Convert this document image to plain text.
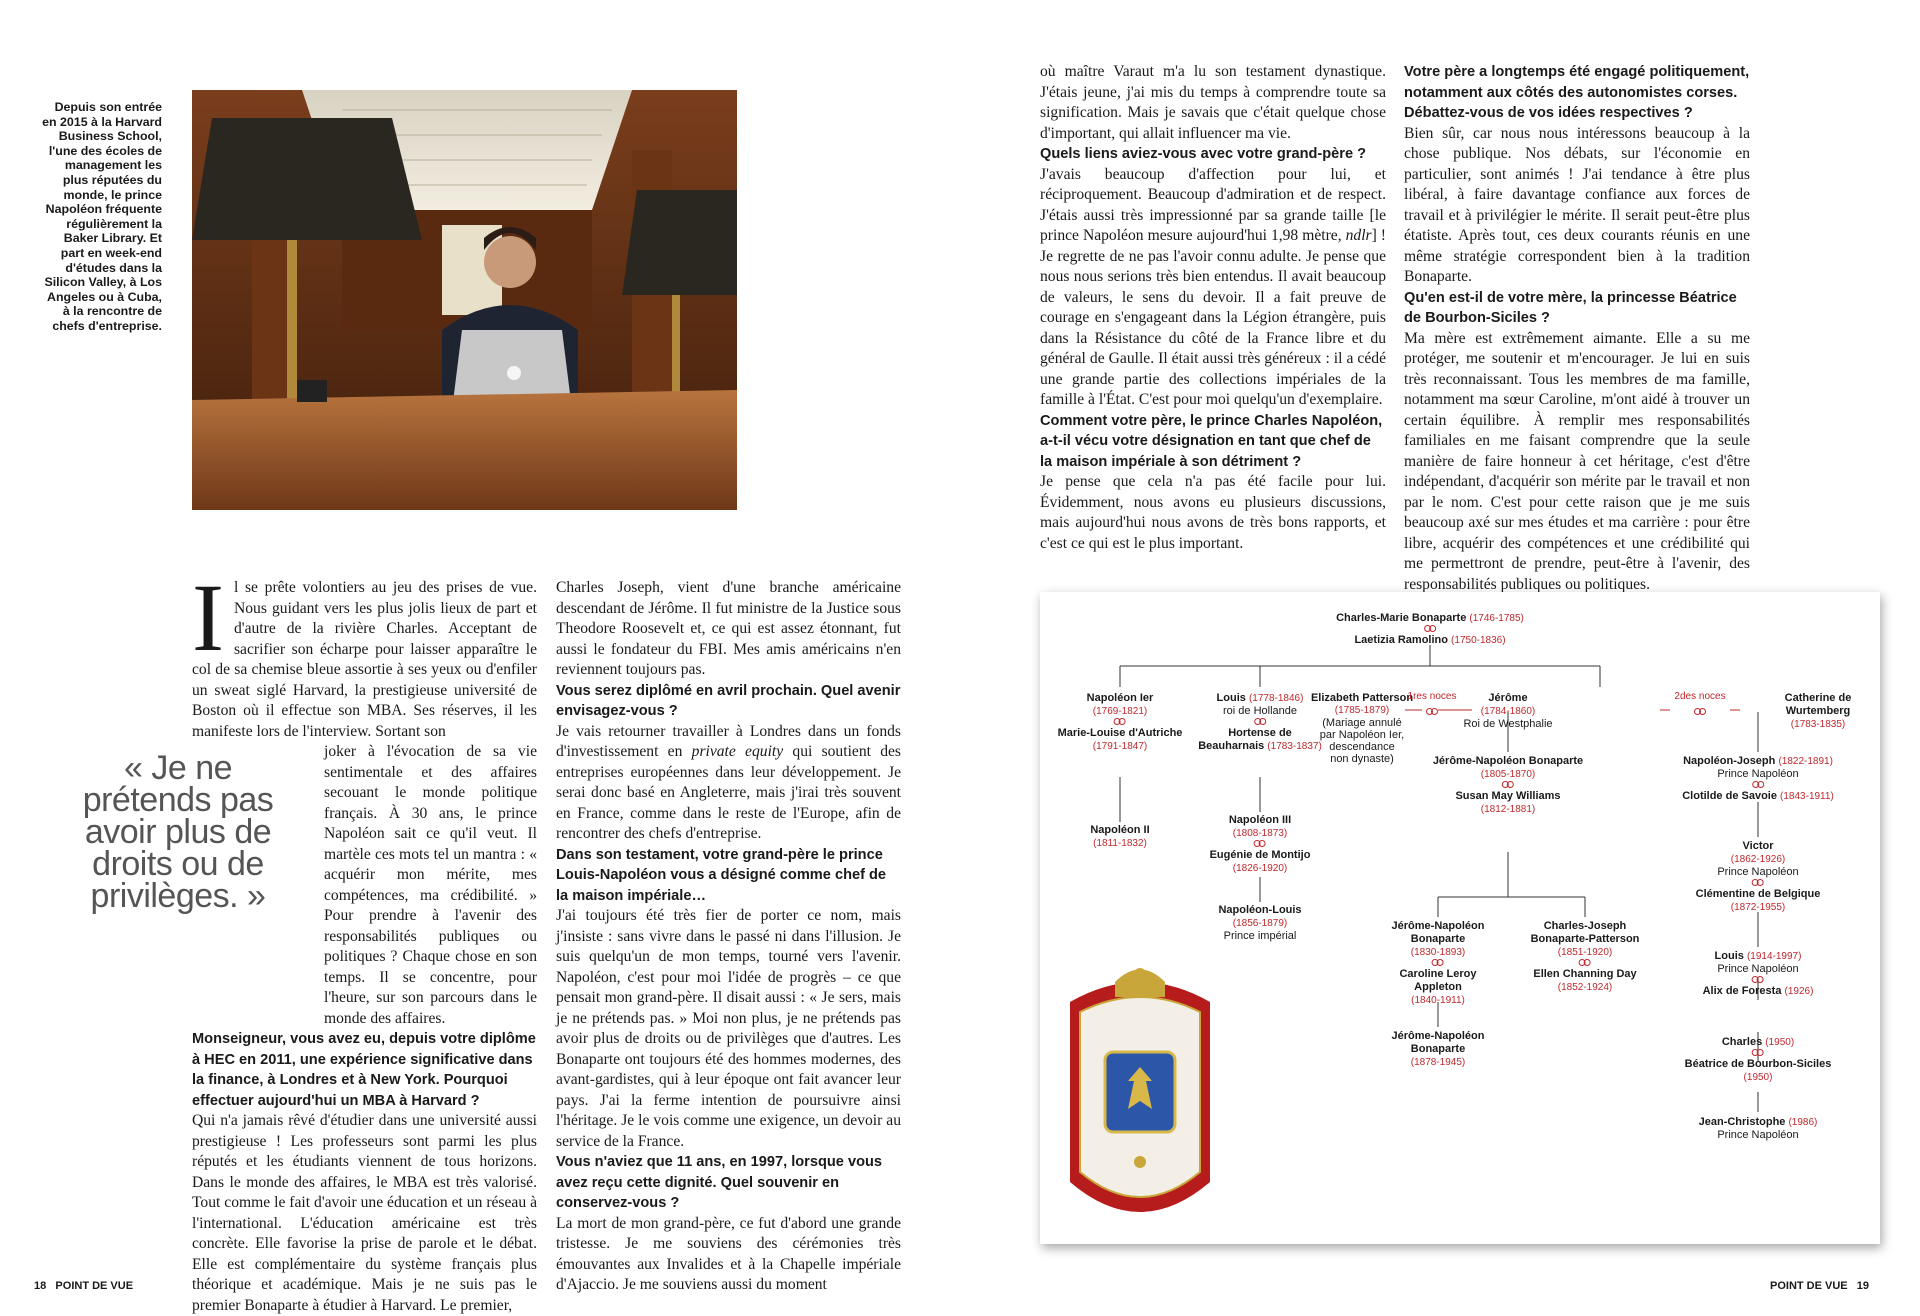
Depuis son entrée en 2015 à la Harvard Business School, l'une des écoles de management les plus réputées du monde, le prince Napoléon fréquente régulièrement la Baker Library. Et part en week-end d'études dans la Silicon Valley, à Los Angeles ou à Cuba, à la rencontre de chefs d'entreprise.
I l se prête volontiers au jeu des prises de vue. Nous guidant vers les plus jolis lieux de part et d'autre de la rivière Charles. Acceptant de sacrifier son écharpe pour laisser apparaître le col de sa chemise bleue assortie à ses yeux ou d'enfiler un sweat siglé Harvard, la prestigieuse université de Boston où il effectue son MBA. Ses réserves, il les manifeste lors de l'interview. Sortant son

joker à l'évocation de sa vie sentimentale et des affaires secouant le monde politique français. À 30 ans, le prince Napoléon sait ce qu'il veut. Il martèle ces mots tel un mantra : « acquérir mon mérite, mes compétences, ma crédibilité. » Pour prendre à l'avenir des responsabilités publiques ou politiques ? Chaque chose en son temps. Il se concentre, pour l'heure, sur son parcours dans le monde des affaires.

Monseigneur, vous avez eu, depuis votre diplôme à HEC en 2011, une expérience significative dans la finance, à Londres et à New York. Pourquoi effectuer aujourd'hui un MBA à Harvard ?

Qui n'a jamais rêvé d'étudier dans une université aussi prestigieuse ! Les professeurs sont parmi les plus réputés et les étudiants viennent de tous horizons. Dans le monde des affaires, le MBA est très valorisé. Tout comme le fait d'avoir une éducation et un réseau à l'international. L'éducation américaine est très concrète. Elle favorise la prise de parole et le débat. Elle est complémentaire du système français plus théorique et académique. Mais je ne suis pas le premier Bonaparte à étudier à Harvard. Le premier,

« Je ne prétends pas avoir plus de droits ou de privilèges. »

Charles Joseph, vient d'une branche américaine descendant de Jérôme. Il fut ministre de la Justice sous Theodore Roosevelt et, ce qui est assez étonnant, fut aussi le fondateur du FBI. Mes amis américains n'en reviennent toujours pas.

Vous serez diplômé en avril prochain. Quel avenir envisagez-vous ?

Je vais retourner travailler à Londres dans un fonds d'investissement en private equity qui soutient des entreprises européennes dans leur développement. Je serai donc basé en Angleterre, mais j'irai très souvent en France, comme dans le reste de l'Europe, afin de rencontrer des chefs d'entreprise.

Dans son testament, votre grand-père le prince Louis-Napoléon vous a désigné comme chef de la maison impériale…

J'ai toujours été très fier de porter ce nom, mais j'insiste : sans vivre dans le passé ni dans l'illusion. Je suis quelqu'un de mon temps, tourné vers l'avenir. Napoléon, c'est pour moi l'idée de progrès – ce que pensait mon grand-père. Il disait aussi : « Je sers, mais je ne prétends pas. » Moi non plus, je ne prétends pas avoir plus de droits ou de privilèges que d'autres. Les Bonaparte ont toujours été des hommes modernes, des avant-gardistes, qui à leur époque ont fait avancer leur pays. J'ai la ferme intention de poursuivre ainsi l'héritage. Je le vois comme une exigence, un devoir au service de la France.

Vous n'aviez que 11 ans, en 1997, lorsque vous avez reçu cette dignité. Quel souvenir en conservez-vous ?

La mort de mon grand-père, ce fut d'abord une grande tristesse. Je me souviens des cérémonies très émouvantes aux Invalides et à la Chapelle impériale d'Ajaccio. Je me souviens aussi du moment

où maître Varaut m'a lu son testament dynastique. J'étais jeune, j'ai mis du temps à comprendre toute sa signification. Mais je savais que c'était quelque chose d'important, qui allait influencer ma vie.

Quels liens aviez-vous avec votre grand-père ?

J'avais beaucoup d'affection pour lui, et réciproquement. Beaucoup d'admiration et de respect. J'étais aussi très impressionné par sa grande taille [le prince Napoléon mesure aujourd'hui 1,98 mètre, ndlr] ! Je regrette de ne pas l'avoir connu adulte. Je pense que nous nous serions très bien entendus. Il avait beaucoup de valeurs, le sens du devoir. Il a fait preuve de courage en s'engageant dans la Légion étrangère, puis dans la Résistance du côté de la France libre et du général de Gaulle. Il était aussi très généreux : il a cédé une grande partie des collections impériales de la famille à l'État. C'est pour moi quelqu'un d'exemplaire.

Comment votre père, le prince Charles Napoléon, a-t-il vécu votre désignation en tant que chef de la maison impériale à son détriment ?

Je pense que cela n'a pas été facile pour lui. Évidemment, nous avons eu plusieurs discussions, mais aujourd'hui nous avons de très bons rapports, et c'est ce qui est le plus important.

Votre père a longtemps été engagé politiquement, notamment aux côtés des autonomistes corses. Débattez-vous de vos idées respectives ?

Bien sûr, car nous nous intéressons beaucoup à la chose publique. Nos débats, sur l'économie en particulier, sont animés ! J'ai tendance à être plus libéral, à faire davantage confiance aux forces de travail et à privilégier le mérite. Il serait peut-être plus étatiste. Après tout, ces deux courants réunis en une même stratégie correspondent bien à la tradition Bonaparte.

Qu'en est-il de votre mère, la princesse Béatrice de Bourbon-Siciles ?

Ma mère est extrêmement aimante. Elle a su me protéger, me soutenir et m'encourager. Je lui en suis très reconnaissant. Tous les membres de ma famille, notamment ma sœur Caroline, m'ont aidé à trouver un certain équilibre. À remplir mes responsabilités familiales en me faisant comprendre que la seule manière de faire honneur à cet héritage, c'est d'être indépendant, d'acquérir son mérite par le travail et non par le nom. C'est pour cette raison que je me suis beaucoup axé sur mes études et ma carrière : pour être libre, acquérir des compétences et une crédibilité qui me permettront de prendre, peut-être à l'avenir, des responsabilités publiques ou politiques.

Charles-Marie Bonaparte (1746-1785)

Laetizia Ramolino (1750-1836)
Napoléon Ier
(1769-1821)

Marie-Louise d'Autriche
(1791-1847)
Napoléon II
(1811-1832)
Louis (1778-1846)
roi de Hollande

Hortense de
Beauharnais (1783-1837)
Napoléon III
(1808-1873)

Eugénie de Montijo
(1826-1920)
Napoléon-Louis
(1856-1879)
Prince impérial
Elizabeth Patterson
(1785-1879)
(Mariage annulé
par Napoléon Ier,
descendance
non dynaste)
1res noces	Jérôme
(1784-1860)
Roi de Westphalie
2des noces	Catherine de
Wurtemberg
(1783-1835)
Jérôme-Napoléon Bonaparte
(1805-1870)

Susan May Williams
(1812-1881)
Jérôme-Napoléon
Bonaparte
(1830-1893)

Caroline Leroy
Appleton
(1840-1911)
Jérôme-Napoléon
Bonaparte
(1878-1945)
Charles-Joseph
Bonaparte-Patterson
(1851-1920)

Ellen Channing Day
(1852-1924)
Napoléon-Joseph (1822-1891)
Prince Napoléon

Clotilde de Savoie (1843-1911)
Victor
(1862-1926)
Prince Napoléon

Clémentine de Belgique
(1872-1955)
Louis (1914-1997)
Prince Napoléon

Alix de Foresta (1926)
Charles (1950)

Béatrice de Bourbon-Siciles
(1950)
Jean-Christophe (1986)
Prince Napoléon
18 POINT DE VUE	POINT DE VUE 19
